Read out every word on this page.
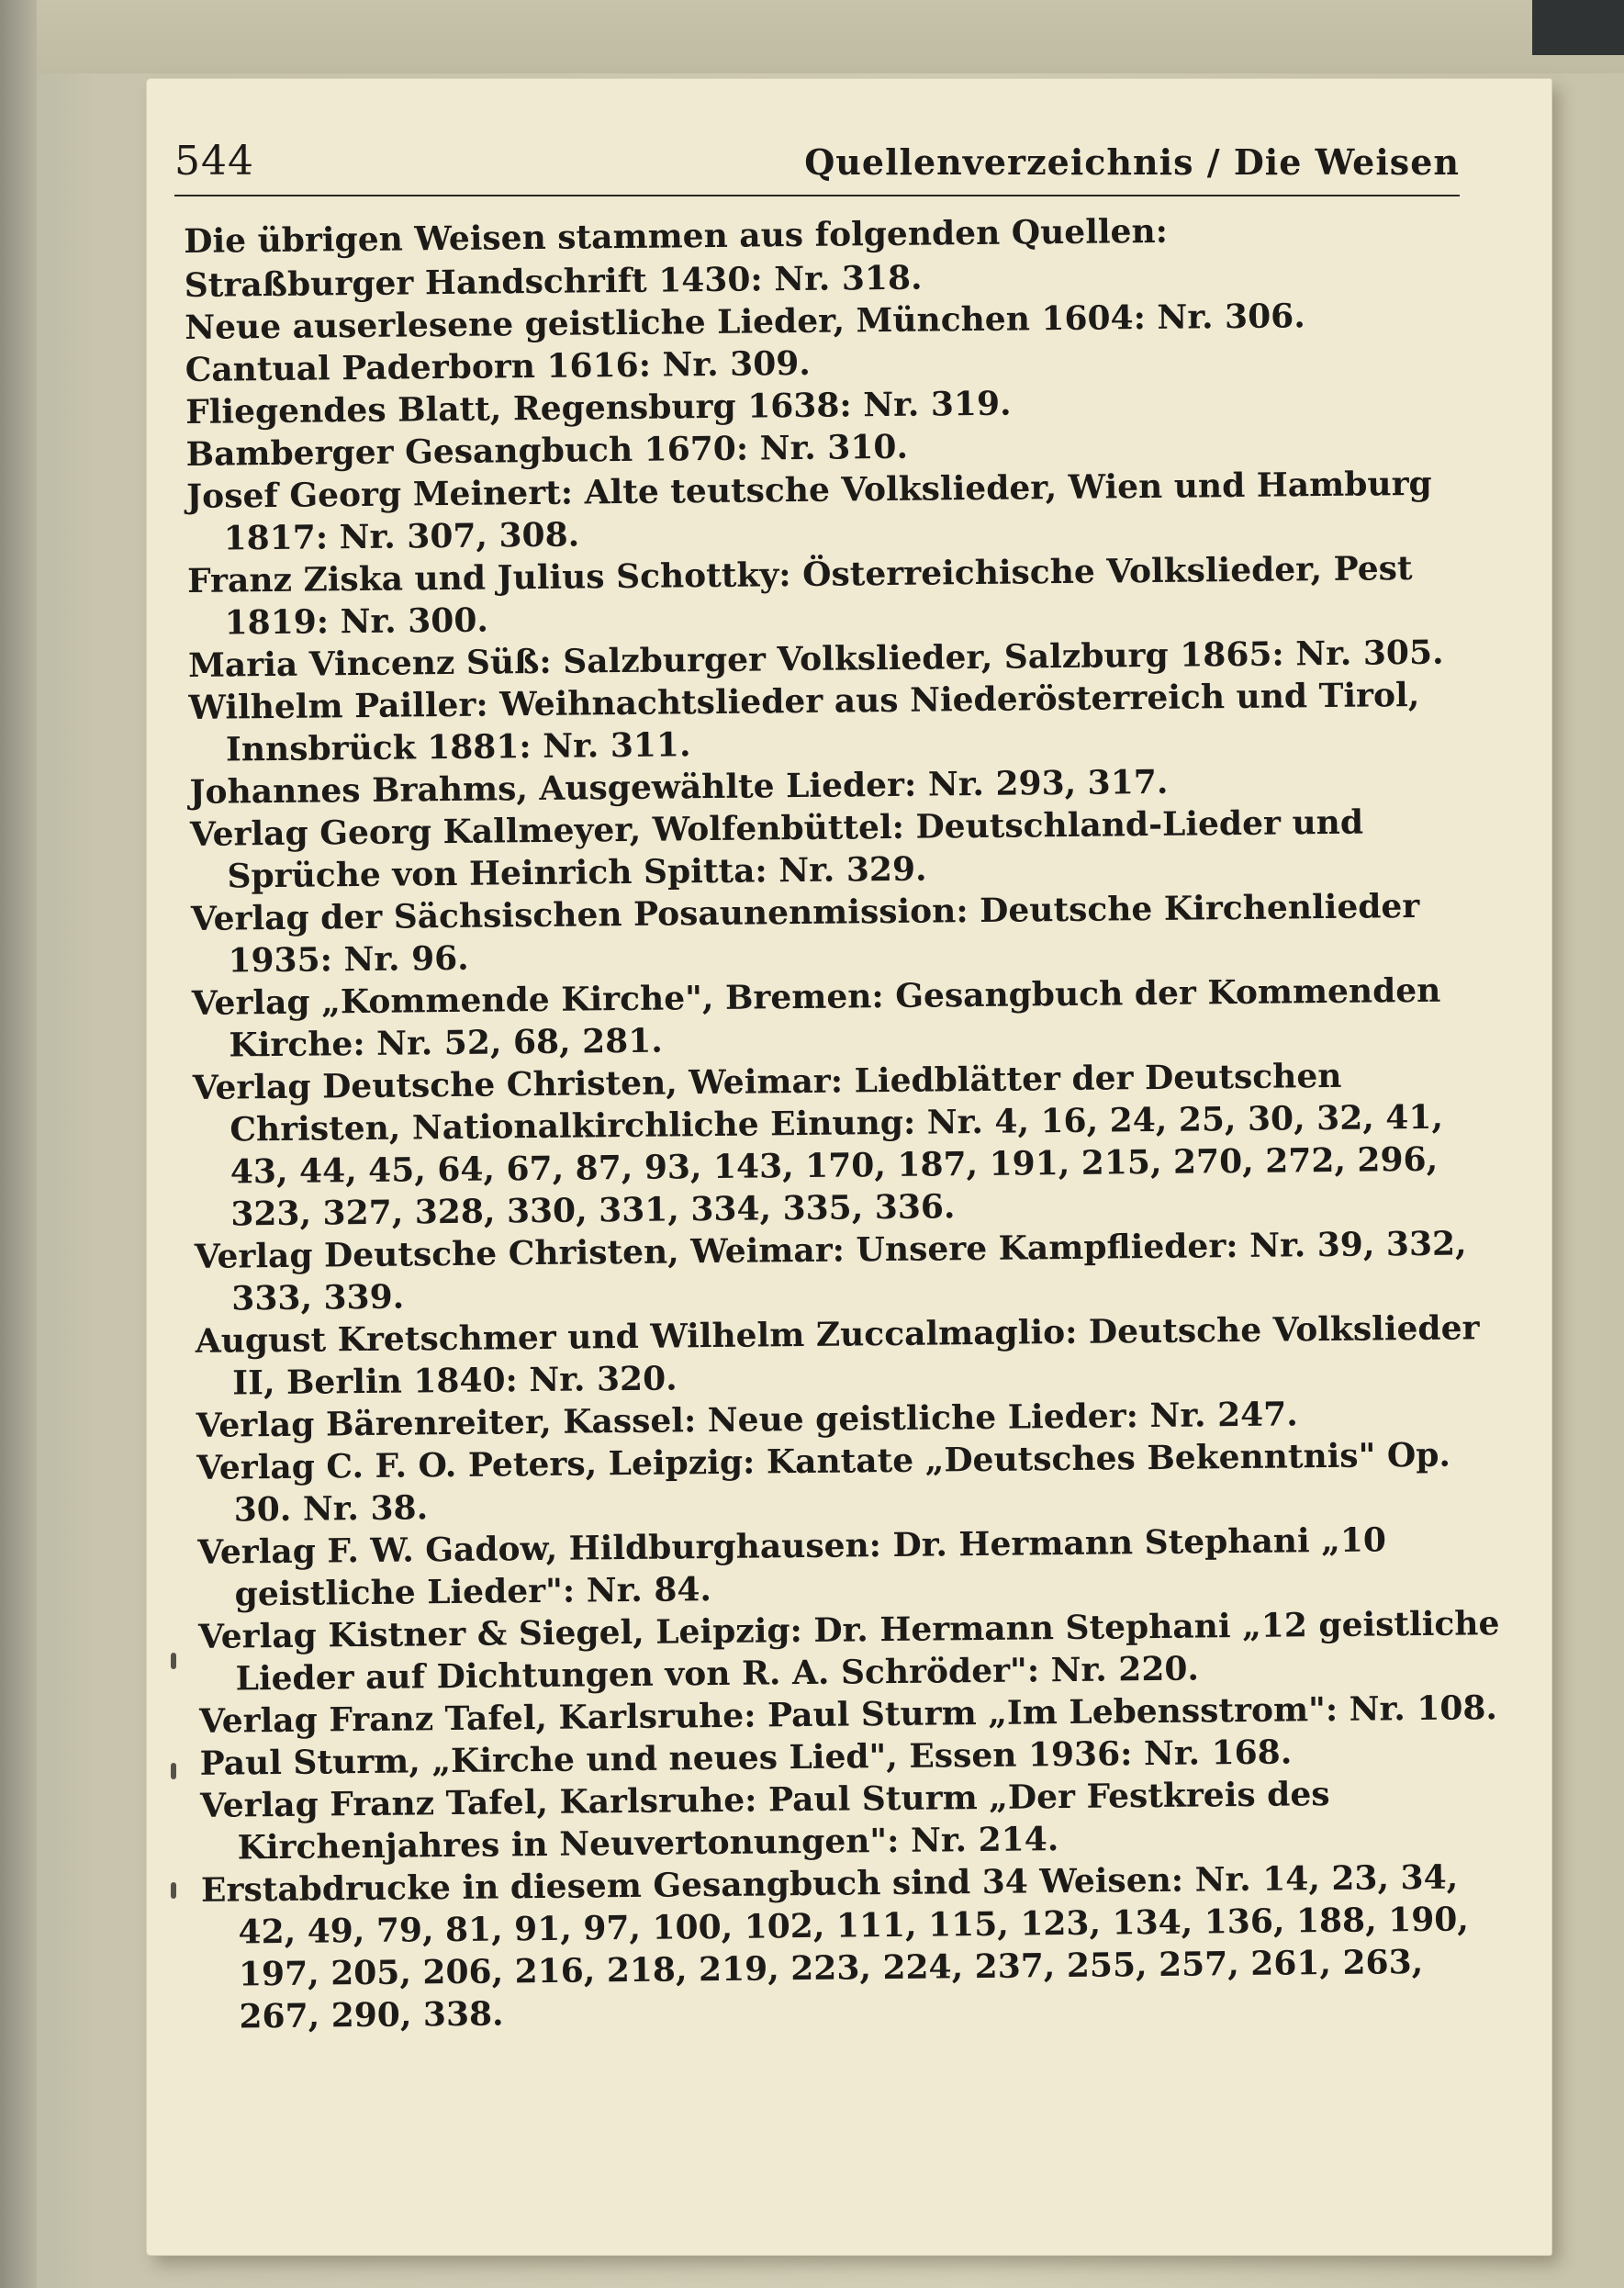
544	Quellenverzeichnis / Die Weisen

Die übrigen Weisen stammen aus folgenden Quellen:

Straßburger Handschrift 1430: Nr. 318.

Neue auserlesene geistliche Lieder, München 1604: Nr. 306.

Cantual Paderborn 1616: Nr. 309.

Fliegendes Blatt, Regensburg 1638: Nr. 319.

Bamberger Gesangbuch 1670: Nr. 310.

Josef Georg Meinert: Alte teutsche Volkslieder, Wien und Hamburg 1817: Nr. 307, 308.

Franz Ziska und Julius Schottky: Österreichische Volkslieder, Pest 1819: Nr. 300.

Maria Vincenz Süß: Salzburger Volkslieder, Salzburg 1865: Nr. 305.

Wilhelm Pailler: Weihnachtslieder aus Niederösterreich und Tirol, Innsbrück 1881: Nr. 311.

Johannes Brahms, Ausgewählte Lieder: Nr. 293, 317.

Verlag Georg Kallmeyer, Wolfenbüttel: Deutschland-Lieder und Sprüche von Heinrich Spitta: Nr. 329.

Verlag der Sächsischen Posaunenmission: Deutsche Kirchenlieder 1935: Nr. 96.

Verlag „Kommende Kirche", Bremen: Gesangbuch der Kommenden Kirche: Nr. 52, 68, 281.

Verlag Deutsche Christen, Weimar: Liedblätter der Deutschen Christen, Nationalkirchliche Einung: Nr. 4, 16, 24, 25, 30, 32, 41, 43, 44, 45, 64, 67, 87, 93, 143, 170, 187, 191, 215, 270, 272, 296, 323, 327, 328, 330, 331, 334, 335, 336.

Verlag Deutsche Christen, Weimar: Unsere Kampflieder: Nr. 39, 332, 333, 339.

August Kretschmer und Wilhelm Zuccalmaglio: Deutsche Volkslieder II, Berlin 1840: Nr. 320.

Verlag Bärenreiter, Kassel: Neue geistliche Lieder: Nr. 247.

Verlag C. F. O. Peters, Leipzig: Kantate „Deutsches Bekenntnis" Op. 30. Nr. 38.

Verlag F. W. Gadow, Hildburghausen: Dr. Hermann Stephani „10 geistliche Lieder": Nr. 84.

Verlag Kistner & Siegel, Leipzig: Dr. Hermann Stephani „12 geistliche Lieder auf Dichtungen von R. A. Schröder": Nr. 220.

Verlag Franz Tafel, Karlsruhe: Paul Sturm „Im Lebensstrom": Nr. 108.

Paul Sturm, „Kirche und neues Lied", Essen 1936: Nr. 168.

Verlag Franz Tafel, Karlsruhe: Paul Sturm „Der Festkreis des Kirchenjahres in Neuvertonungen": Nr. 214.

Erstabdrucke in diesem Gesangbuch sind 34 Weisen: Nr. 14, 23, 34, 42, 49, 79, 81, 91, 97, 100, 102, 111, 115, 123, 134, 136, 188, 190, 197, 205, 206, 216, 218, 219, 223, 224, 237, 255, 257, 261, 263, 267, 290, 338.
